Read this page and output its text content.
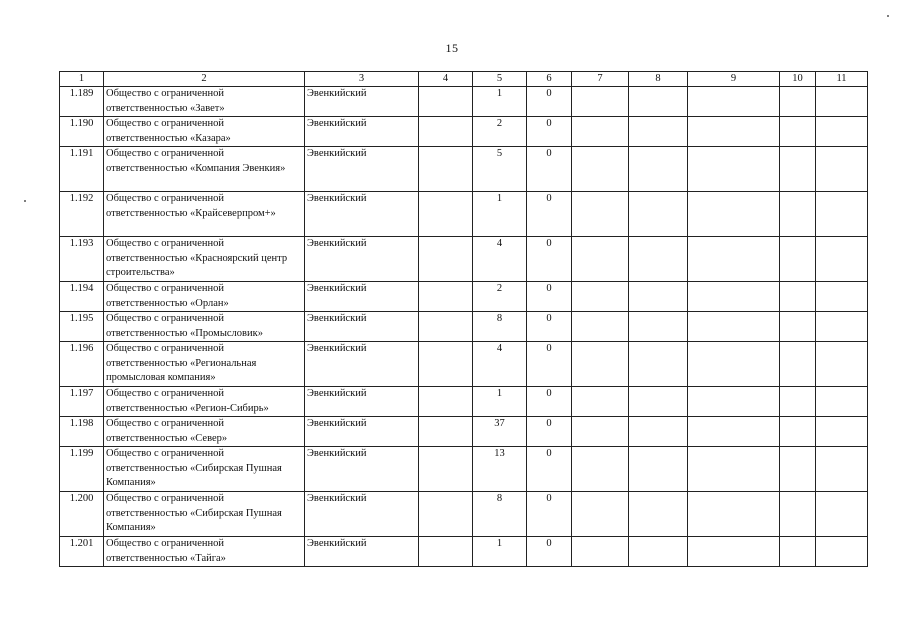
15
1	2	3	4	5	6	7	8	9	10	11
1.189	Общество с ограниченной ответственностью «Завет»	Эвенкийский		1	0					
1.190	Общество с ограниченной ответственностью «Казара»	Эвенкийский		2	0					
1.191	Общество с ограниченной ответственностью «Компания Эвенкия»	Эвенкийский		5	0					
1.192	Общество с ограниченной ответственностью «Крайсеверпром+»	Эвенкийский		1	0					
1.193	Общество с ограниченной ответственностью «Красноярский центр строительства»	Эвенкийский		4	0					
1.194	Общество с ограниченной ответственностью «Орлан»	Эвенкийский		2	0					
1.195	Общество с ограниченной ответственностью «Промысловик»	Эвенкийский		8	0					
1.196	Общество с ограниченной ответственностью «Региональная промысловая компания»	Эвенкийский		4	0					
1.197	Общество с ограниченной ответственностью «Регион-Сибирь»	Эвенкийский		1	0					
1.198	Общество с ограниченной ответственностью «Север»	Эвенкийский		37	0					
1.199	Общество с ограниченной ответственностью «Сибирская Пушная Компания»	Эвенкийский		13	0					
1.200	Общество с ограниченной ответственностью «Сибирская Пушная Компания»	Эвенкийский		8	0					
1.201	Общество с ограниченной ответственностью «Тайга»	Эвенкийский		1	0					
